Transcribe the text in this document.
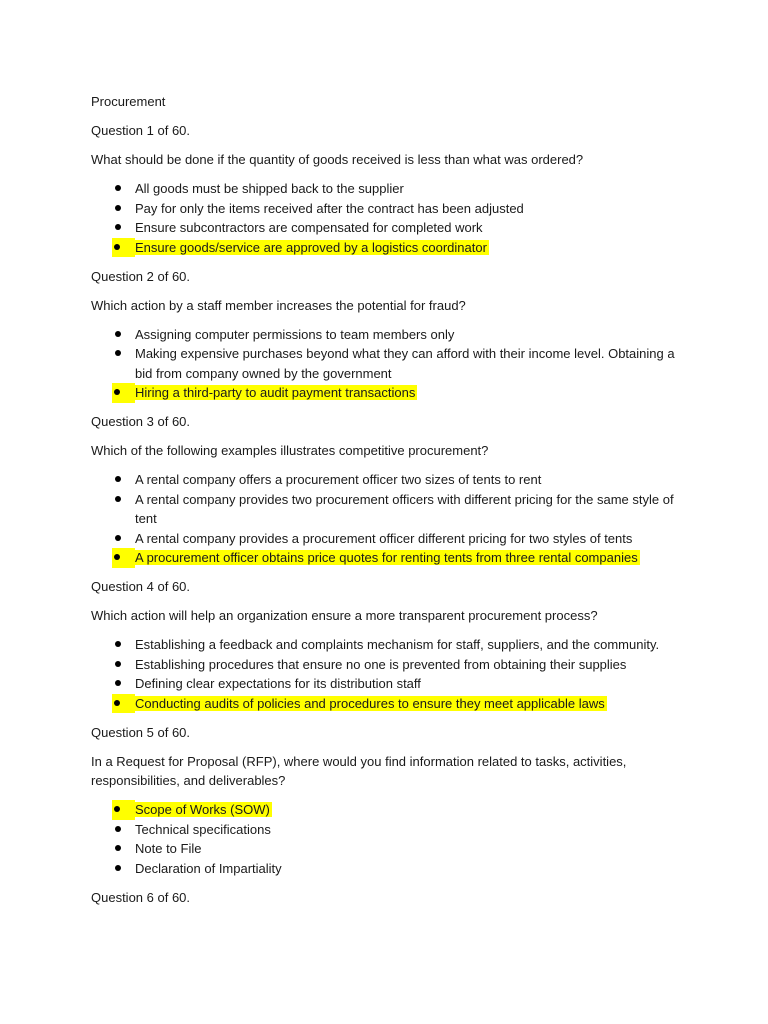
Procurement

Question 1 of 60.

What should be done if the quantity of goods received is less than what was ordered?

All goods must be shipped back to the supplier
Pay for only the items received after the contract has been adjusted
Ensure subcontractors are compensated for completed work
Ensure goods/service are approved by a logistics coordinator

Question 2 of 60.

Which action by a staff member increases the potential for fraud?

Assigning computer permissions to team members only
Making expensive purchases beyond what they can afford with their income level. Obtaining a bid from company owned by the government
Hiring a third-party to audit payment transactions

Question 3 of 60.

Which of the following examples illustrates competitive procurement?

A rental company offers a procurement officer two sizes of tents to rent
A rental company provides two procurement officers with different pricing for the same style of tent
A rental company provides a procurement officer different pricing for two styles of tents
A procurement officer obtains price quotes for renting tents from three rental companies

Question 4 of 60.

Which action will help an organization ensure a more transparent procurement process?

Establishing a feedback and complaints mechanism for staff, suppliers, and the community.
Establishing procedures that ensure no one is prevented from obtaining their supplies
Defining clear expectations for its distribution staff
Conducting audits of policies and procedures to ensure they meet applicable laws

Question 5 of 60.

In a Request for Proposal (RFP), where would you find information related to tasks, activities, responsibilities, and deliverables?

Scope of Works (SOW)
Technical specifications
Note to File
Declaration of Impartiality

Question 6 of 60.
